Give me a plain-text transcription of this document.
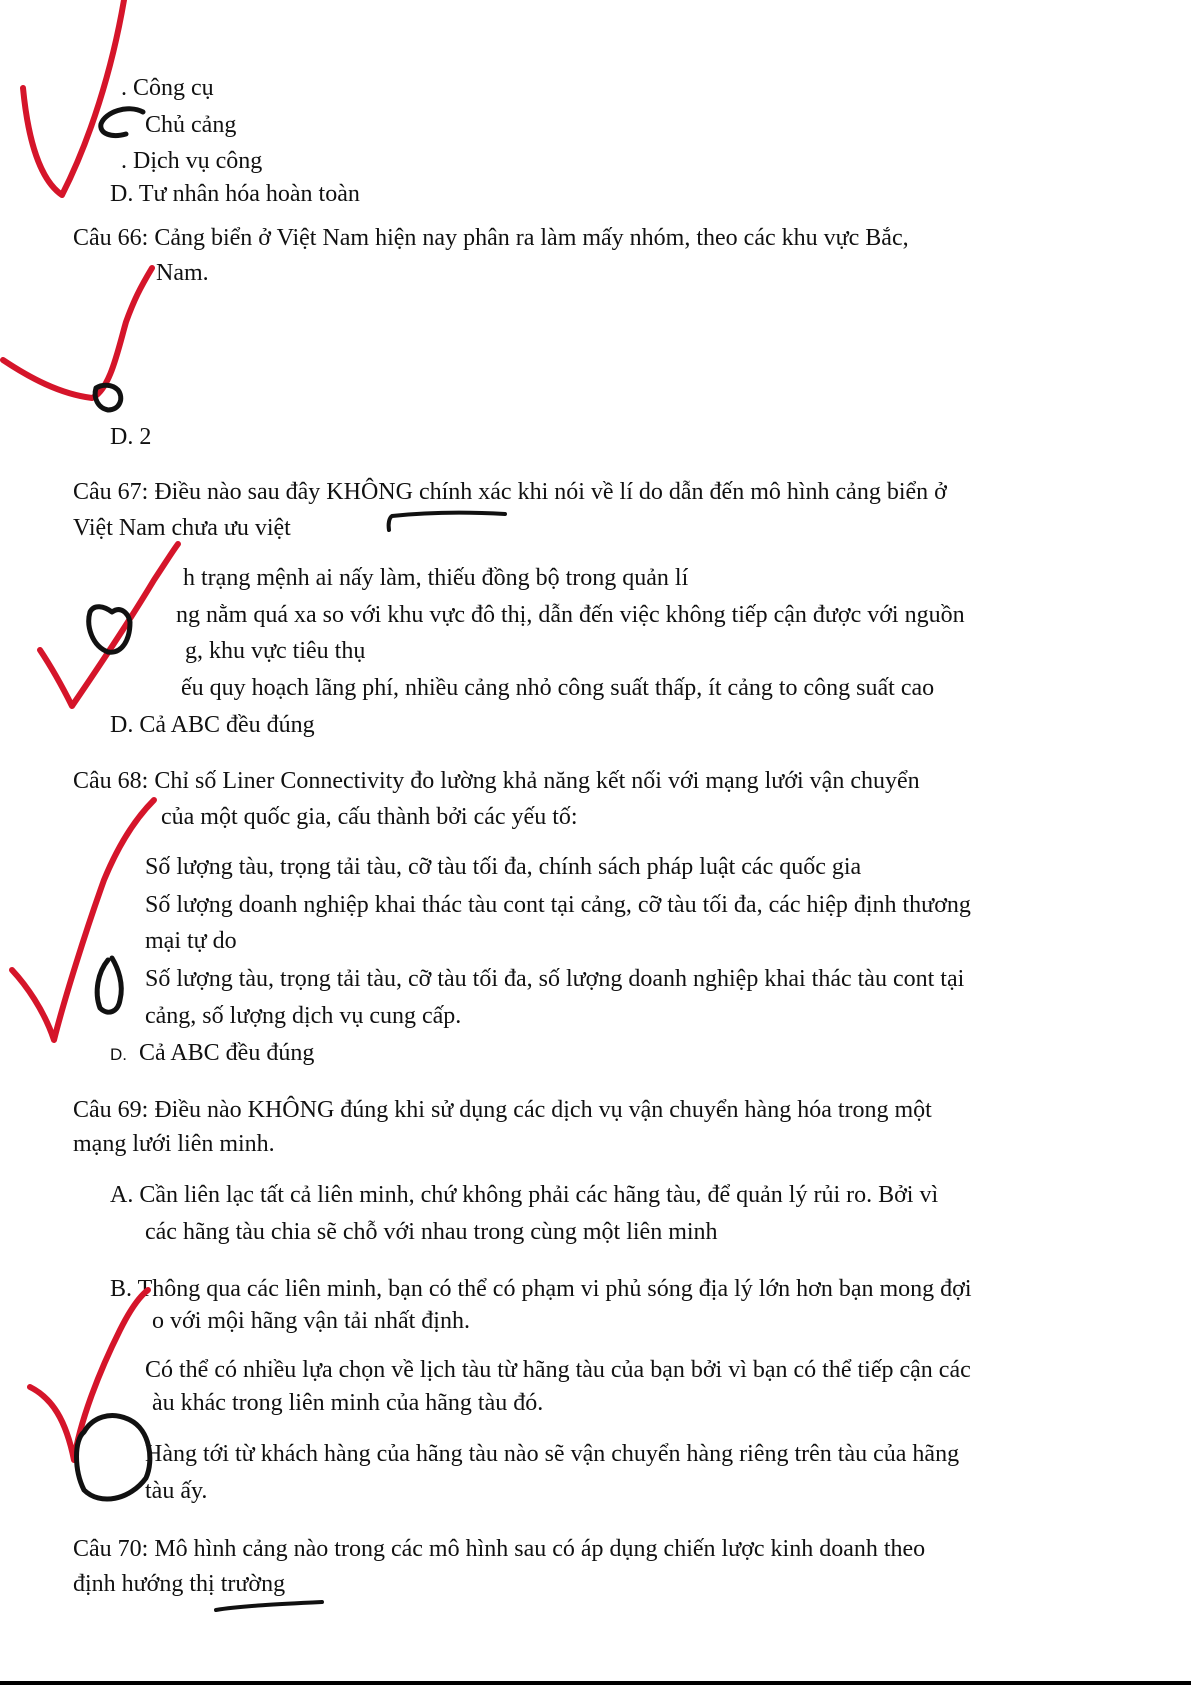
. Công cụ
Chủ cảng
. Dịch vụ công
D. Tư nhân hóa hoàn toàn
Câu 66: Cảng biển ở Việt Nam hiện nay phân ra làm mấy nhóm, theo các khu vực Bắc,
Nam.
D. 2
Câu 67: Điều nào sau đây KHÔNG chính xác khi nói về lí do dẫn đến mô hình cảng biển ở
Việt Nam chưa ưu việt
h trạng mệnh ai nấy làm, thiếu đồng bộ trong quản lí
ng nằm quá xa so với khu vực đô thị, dẫn đến việc không tiếp cận được với nguồn
g, khu vực tiêu thụ
ếu quy hoạch lãng phí, nhiều cảng nhỏ công suất thấp, ít cảng to công suất cao
D. Cả ABC đều đúng
Câu 68: Chỉ số Liner Connectivity đo lường khả năng kết nối với mạng lưới vận chuyển
của một quốc gia, cấu thành bởi các yếu tố:
Số lượng tàu, trọng tải tàu, cỡ tàu tối đa, chính sách pháp luật các quốc gia
Số lượng doanh nghiệp khai thác tàu cont tại cảng, cỡ tàu tối đa, các hiệp định thương
mại tự do
Số lượng tàu, trọng tải tàu, cỡ tàu tối đa, số lượng doanh nghiệp khai thác tàu cont tại
cảng, số lượng dịch vụ cung cấp.
D. Cả ABC đều đúng
Câu 69: Điều nào KHÔNG đúng khi sử dụng các dịch vụ vận chuyển hàng hóa trong một
mạng lưới liên minh.
A. Cần liên lạc tất cả liên minh, chứ không phải các hãng tàu, để quản lý rủi ro. Bởi vì
các hãng tàu chia sẽ chỗ với nhau trong cùng một liên minh
B. Thông qua các liên minh, bạn có thể có phạm vi phủ sóng địa lý lớn hơn bạn mong đợi
o với mội hãng vận tải nhất định.
Có thể có nhiều lựa chọn về lịch tàu từ hãng tàu của bạn bởi vì bạn có thể tiếp cận các
àu khác trong liên minh của hãng tàu đó.
Hàng tới từ khách hàng của hãng tàu nào sẽ vận chuyển hàng riêng trên tàu của hãng
tàu ấy.
Câu 70: Mô hình cảng nào trong các mô hình sau có áp dụng chiến lược kinh doanh theo
định hướng thị trường
